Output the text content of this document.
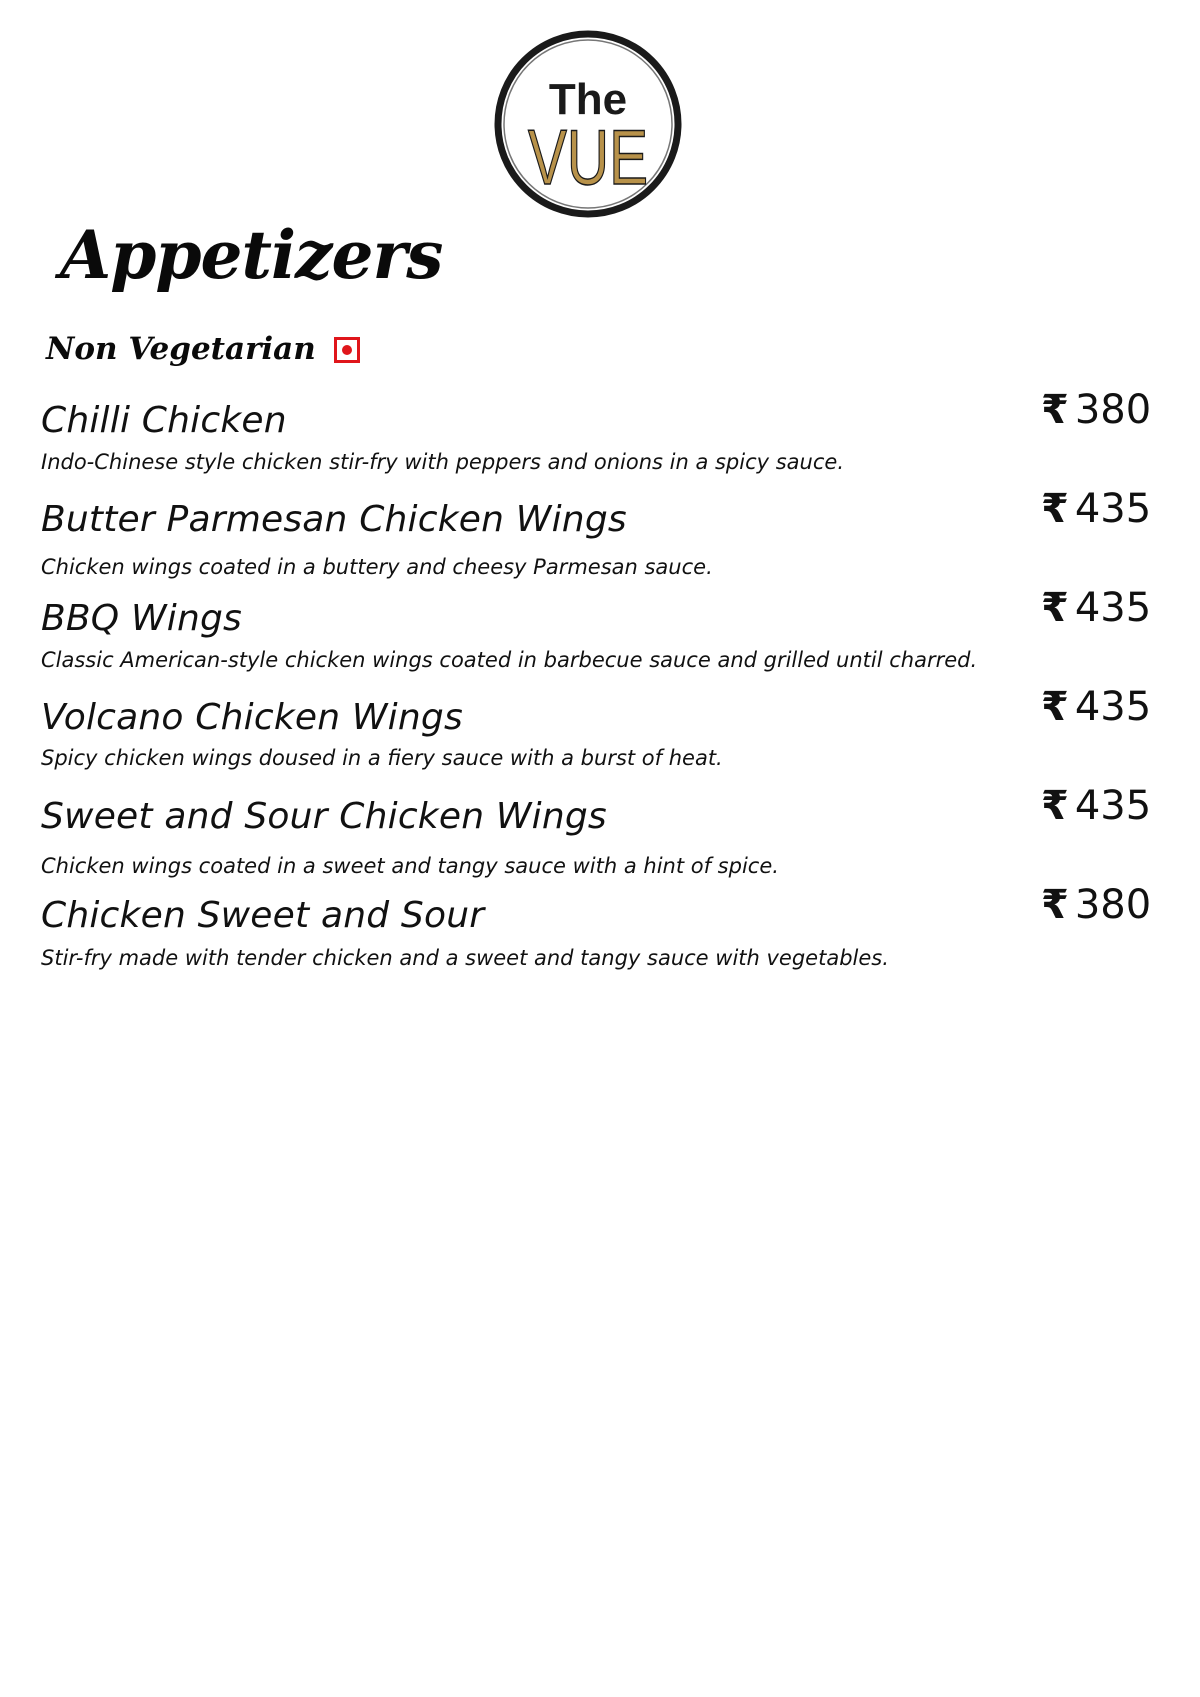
The
VUE
Appetizers
Non Vegetarian
Chilli Chicken
Indo-Chinese style chicken stir-fry with peppers and onions in a spicy sauce.
₹ 380
Butter Parmesan Chicken Wings
Chicken wings coated in a buttery and cheesy Parmesan sauce.
₹ 435
BBQ Wings
Classic American-style chicken wings coated in barbecue sauce and grilled until charred.
₹ 435
Volcano Chicken Wings
Spicy chicken wings doused in a fiery sauce with a burst of heat.
₹ 435
Sweet and Sour Chicken Wings
Chicken wings coated in a sweet and tangy sauce with a hint of spice.
₹ 435
Chicken Sweet and Sour
Stir-fry made with tender chicken and a sweet and tangy sauce with vegetables.
₹ 380
